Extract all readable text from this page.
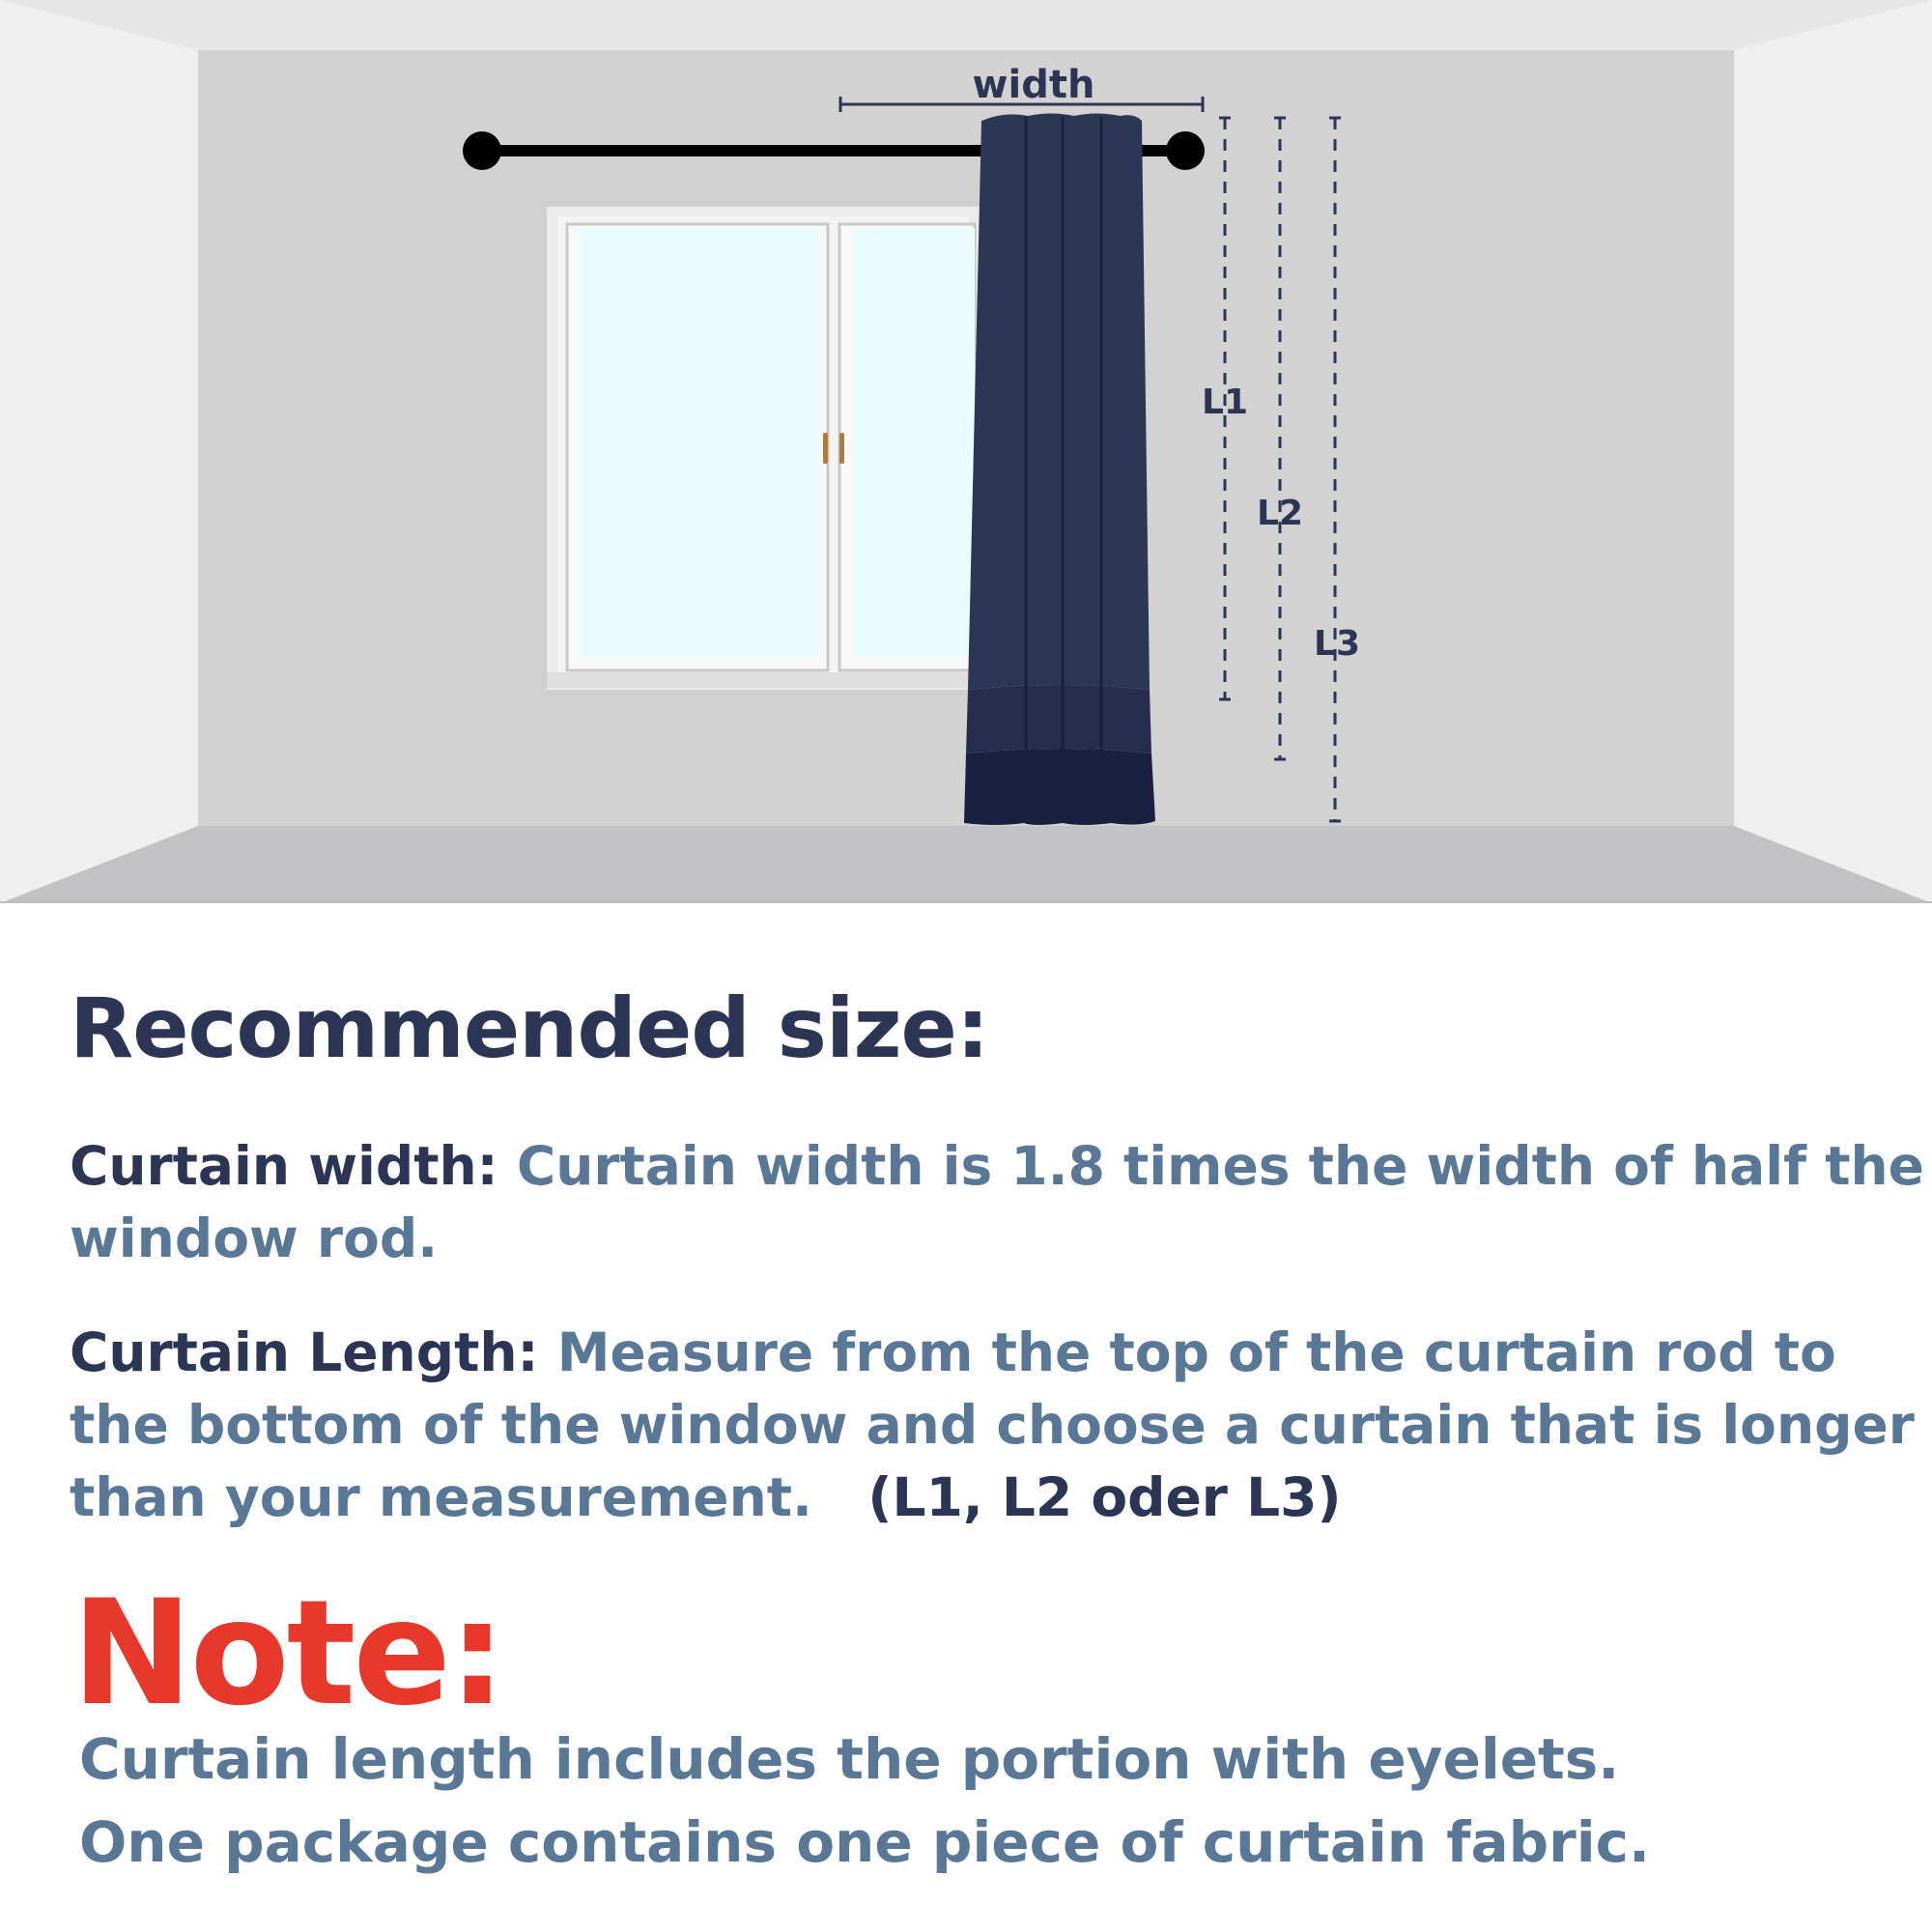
width
L1
L2
L3
Recommended size:

Curtain width: Curtain width is 1.8 times the width of half the
window rod.

Curtain Length: Measure from the top of the curtain rod to
the bottom of the window and choose a curtain that is longer
than your measurement. (L1, L2 oder L3)

Note:
Curtain length includes the portion with eyelets.
One package contains one piece of curtain fabric.
